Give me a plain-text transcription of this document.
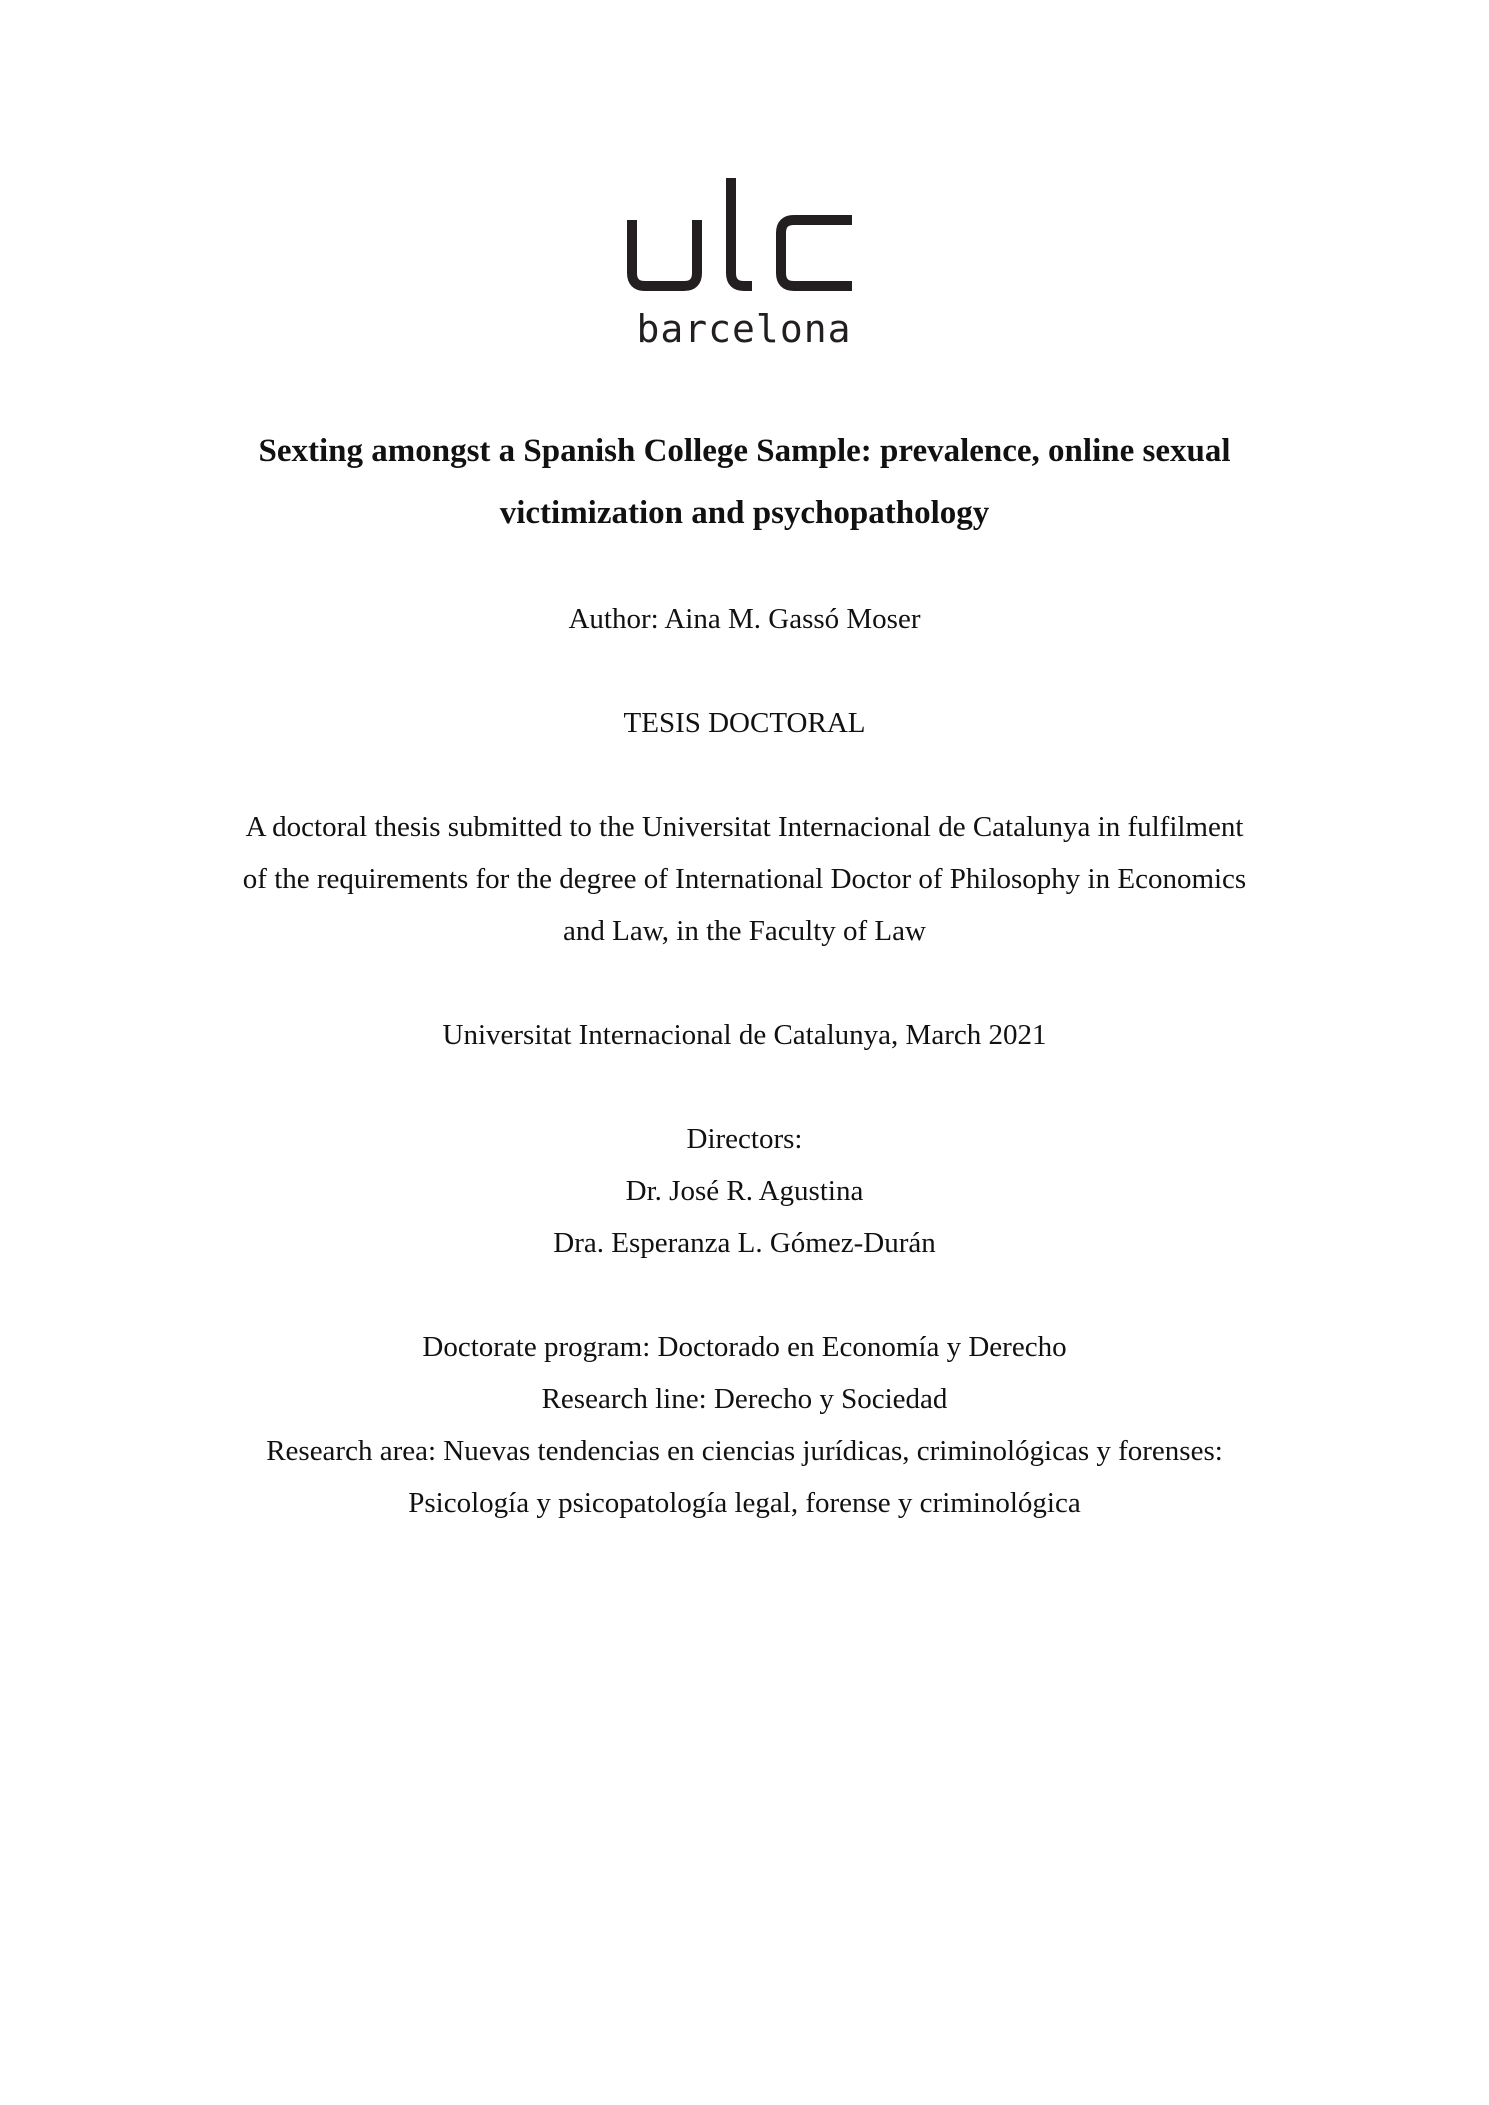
barcelona
Sexting amongst a Spanish College Sample: prevalence, online sexual
victimization and psychopathology
Author: Aina M. Gassó Moser
TESIS DOCTORAL
A doctoral thesis submitted to the Universitat Internacional de Catalunya in fulfilment
of the requirements for the degree of International Doctor of Philosophy in Economics
and Law, in the Faculty of Law
Universitat Internacional de Catalunya, March 2021
Directors:
Dr. José R. Agustina
Dra. Esperanza L. Gómez-Durán
Doctorate program: Doctorado en Economía y Derecho
Research line: Derecho y Sociedad
Research area: Nuevas tendencias en ciencias jurídicas, criminológicas y forenses:
Psicología y psicopatología legal, forense y criminológica
